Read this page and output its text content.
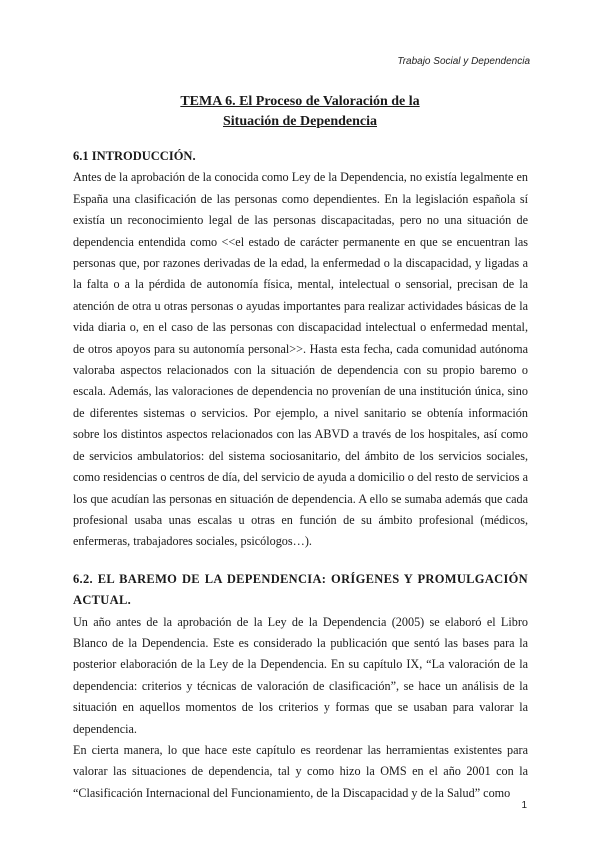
Trabajo Social y Dependencia
TEMA 6. El Proceso de Valoración de la
Situación de Dependencia
6.1 INTRODUCCIÓN.

Antes de la aprobación de la conocida como Ley de la Dependencia, no existía legalmente en España una clasificación de las personas como dependientes. En la legislación española sí existía un reconocimiento legal de las personas discapacitadas, pero no una situación de dependencia entendida como <<el estado de carácter permanente en que se encuentran las personas que, por razones derivadas de la edad, la enfermedad o la discapacidad, y ligadas a la falta o a la pérdida de autonomía física, mental, intelectual o sensorial, precisan de la atención de otra u otras personas o ayudas importantes para realizar actividades básicas de la vida diaria o, en el caso de las personas con discapacidad intelectual o enfermedad mental, de otros apoyos para su autonomía personal>>. Hasta esta fecha, cada comunidad autónoma valoraba aspectos relacionados con la situación de dependencia con su propio baremo o escala. Además, las valoraciones de dependencia no provenían de una institución única, sino de diferentes sistemas o servicios. Por ejemplo, a nivel sanitario se obtenía información sobre los distintos aspectos relacionados con las ABVD a través de los hospitales, así como de servicios ambulatorios: del sistema sociosanitario, del ámbito de los servicios sociales, como residencias o centros de día, del servicio de ayuda a domicilio o del resto de servicios a los que acudían las personas en situación de dependencia. A ello se sumaba además que cada profesional usaba unas escalas u otras en función de su ámbito profesional (médicos, enfermeras, trabajadores sociales, psicólogos…).

6.2. EL BAREMO DE LA DEPENDENCIA: ORÍGENES Y PROMULGACIÓN ACTUAL.

Un año antes de la aprobación de la Ley de la Dependencia (2005) se elaboró el Libro Blanco de la Dependencia. Este es considerado la publicación que sentó las bases para la posterior elaboración de la Ley de la Dependencia. En su capítulo IX, “La valoración de la dependencia: criterios y técnicas de valoración de clasificación”, se hace un análisis de la situación en aquellos momentos de los criterios y formas que se usaban para valorar la dependencia.

En cierta manera, lo que hace este capítulo es reordenar las herramientas existentes para valorar las situaciones de dependencia, tal y como hizo la OMS en el año 2001 con la “Clasificación Internacional del Funcionamiento, de la Discapacidad y de la Salud” como

1
